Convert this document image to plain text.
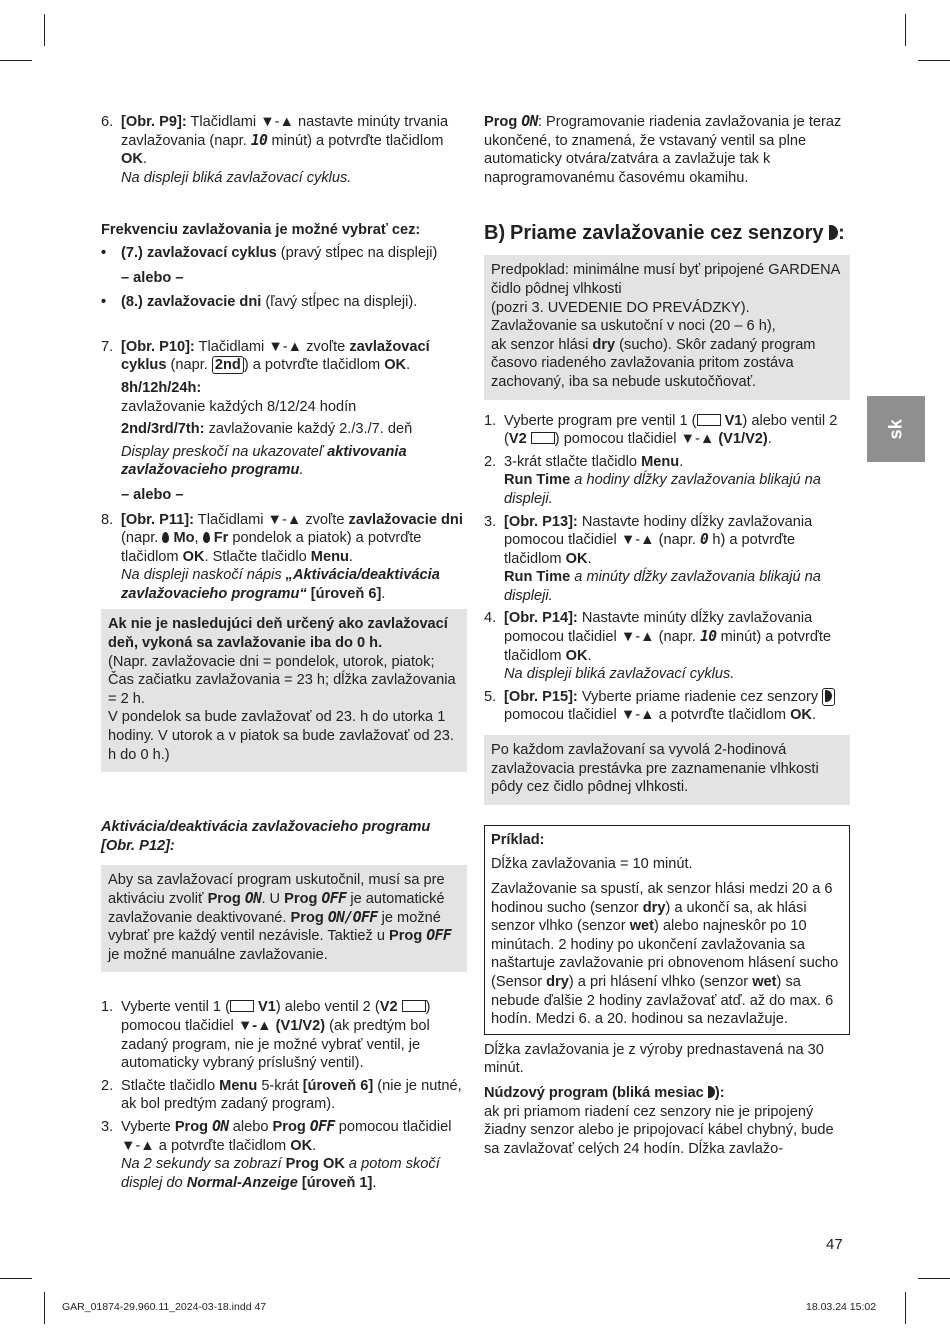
6. [Obr. P9]: Tlačidlami ▼-▲ nastavte minúty trvania zavlažovania (napr. 10 minút) a potvrďte tlačidlom OK.

Na displeji bliká zavlažovací cyklus.

Frekvenciu zavlažovania je možné vybrať cez:

•	(7.) zavlažovací cyklus (pravý stĺpec na displeji)

– alebo –

•	(8.) zavlažovacie dni (ľavý stĺpec na displeji).
7. [Obr. P10]: Tlačidlami ▼-▲ zvoľte zavlažovací cyklus (napr. 2nd ) a potvrďte tlačidlom OK.

8h/12h/24h:

zavlažovanie každých 8/12/24 hodín

2nd/3rd/7th: zavlažovanie každý 2./3./7. deň

Display preskočí na ukazovateľ aktivovania zavlažovacieho programu.

– alebo –

8. [Obr. P11]: Tlačidlami ▼-▲ zvoľte zavlažovacie dni (napr.  Mo,  Fr pondelok a piatok) a potvrďte tlačidlom OK. Stlačte tlačidlo Menu.

Na displeji naskočí nápis „Aktivácia/deaktivácia zavlažovacieho programu“ [úroveň 6].

Ak nie je nasledujúci deň určený ako zavlažovací deň, vykoná sa zavlažovanie iba do 0 h.

(Napr. zavlažovacie dni = pondelok, utorok, piatok; Čas začiatku zavlažovania = 23 h; dĺžka zavlažovania = 2 h.
V pondelok sa bude zavlažovať od 23. h do utorka 1 hodiny. V utorok a v piatok sa bude zavlažovať od 23. h do 0 h.)

Aktivácia/deaktivácia zavlažovacieho programu [Obr. P12]:

Aby sa zavlažovací program uskutočnil, musí sa pre aktiváciu zvoliť Prog ON. U Prog OFF je automatické zavlažovanie deaktivované. Prog ON/OFF je možné vybrať pre každý ventil nezávisle. Taktiež u Prog OFF je možné manuálne zavlažovanie.

1. Vyberte ventil 1 ( V1) alebo ventil 2 (V2 ) pomocou tlačidiel ▼-▲ (V1/V2) (ak predtým bol zadaný program, nie je možné vybrať ventil, je automaticky vybraný príslušný ventil).

2. Stlačte tlačidlo Menu 5-krát [úroveň 6] (nie je nutné, ak bol predtým zadaný program).

3. Vyberte Prog ON alebo Prog OFF pomocou tlačidiel ▼-▲ a potvrďte tlačidlom OK.

Na 2 sekundy sa zobrazí Prog OK a potom skočí displej do Normal-Anzeige [úroveň 1].

Prog ON: Programovanie riadenia zavlažovania je teraz ukončené, to znamená, že vstavaný ventil sa plne automaticky otvára/zatvára a zavlažuje tak k naprogramovanému časovému okamihu.

B) Priame zavlažovanie cez senzory :

Predpoklad: minimálne musí byť pripojené GARDENA čidlo pôdnej vlhkosti
(pozri 3. UVEDENIE DO PREVÁDZKY).
Zavlažovanie sa uskutoční v noci (20 – 6 h),
ak senzor hlási dry (sucho). Skôr zadaný program časovo riadeného zavlažovania pritom zostáva zachovaný, iba sa nebude uskutočňovať.

1. Vyberte program pre ventil 1 ( V1) alebo ventil 2 (V2 ) pomocou tlačidiel ▼-▲ (V1/V2).

2. 3-krát stlačte tlačidlo Menu.

Run Time a hodiny dĺžky zavlažovania blikajú na displeji.

3. [Obr. P13]: Nastavte hodiny dĺžky zavlažovania pomocou tlačidiel ▼-▲ (napr. 0 h) a potvrďte tlačidlom OK.

Run Time a minúty dĺžky zavlažovania blikajú na displeji.

4. [Obr. P14]: Nastavte minúty dĺžky zavlažovania pomocou tlačidiel ▼-▲ (napr. 10 minút) a potvrďte tlačidlom OK.

Na displeji bliká zavlažovací cyklus.

5. [Obr. P15]: Vyberte priame riadenie cez senzory  pomocou tlačidiel ▼-▲ a potvrďte tlačidlom OK.

Po každom zavlažovaní sa vyvolá 2-hodinová zavlažovacia prestávka pre zaznamenanie vlhkosti pôdy cez čidlo pôdnej vlhkosti.

Príklad:

Dĺžka zavlažovania = 10 minút.

Zavlažovanie sa spustí, ak senzor hlási medzi 20 a 6 hodinou sucho (senzor dry) a ukončí sa, ak hlási senzor vlhko (senzor wet) alebo najneskôr po 10 minútach. 2 hodiny po ukončení zavlažovania sa naštartuje zavlažovanie pri obnovenom hlásení sucho (Sensor dry) a pri hlásení vlhko (senzor wet) sa nebude ďalšie 2 hodiny zavlažovať atď. až do max. 6 hodín. Medzi 6. a 20. hodinou sa nezavlažuje.

Dĺžka zavlažovania je z výroby prednastavená na 30 minút.

Núdzový program (bliká mesiac ):

ak pri priamom riadení cez senzory nie je pripojený žiadny senzor alebo je pripojovací kábel chybný, bude sa zavlažovať celých 24 hodín. Dĺžka zavlažo-

sk
47
GAR_01874-29.960.11_2024-03-18.indd 47	18.03.24 15:02
